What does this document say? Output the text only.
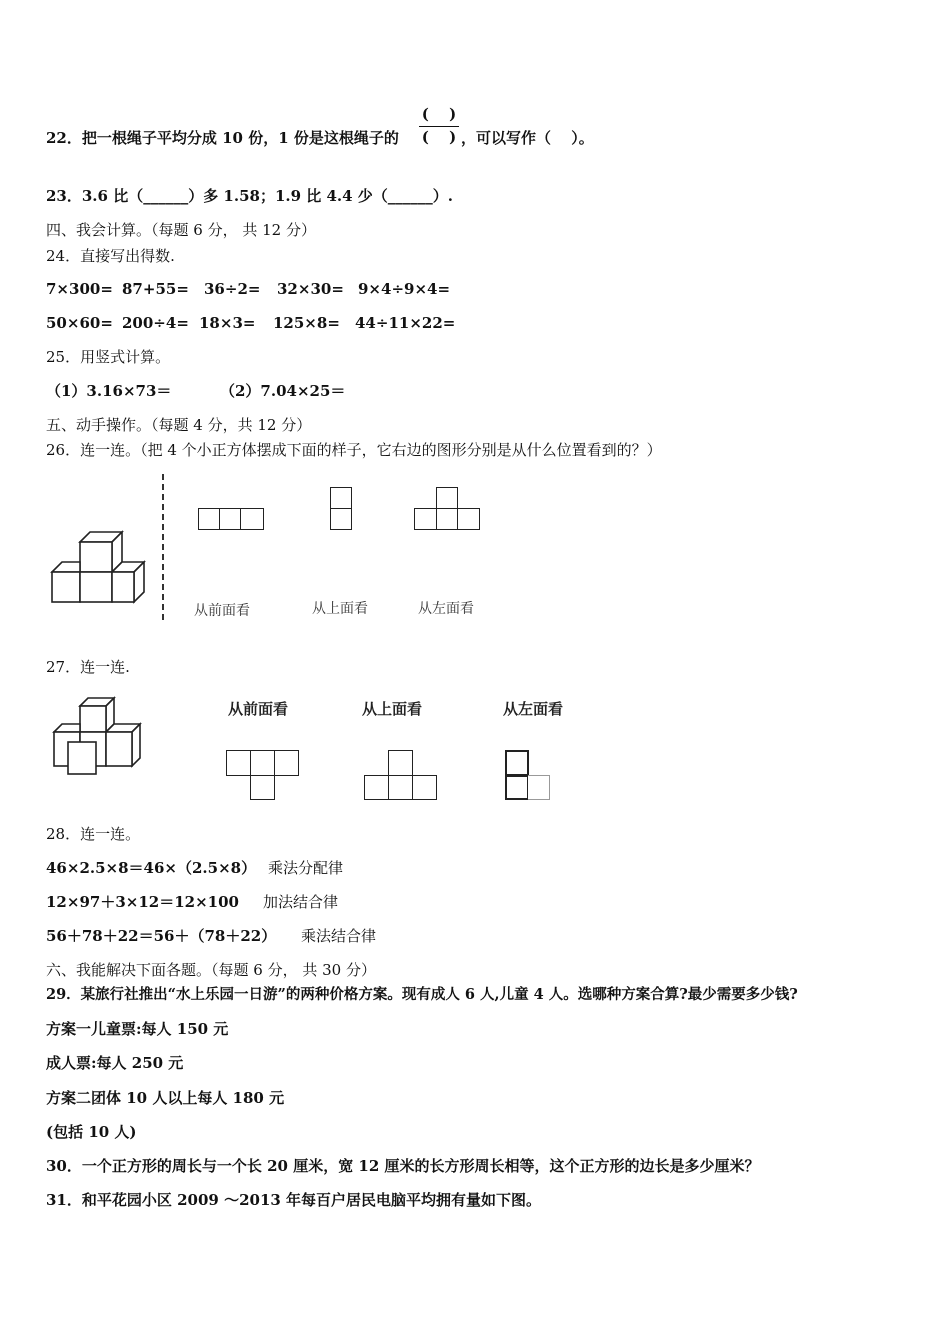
22．把一根绳子平均分成 10 份，1 份是这根绳子的
(　 )
(　 ) ，可以写作（　 ）。
23．3.6 比（______）多 1.58；1.9 比 4.4 少（______）.
四、我会计算。（每题 6 分， 共 12 分）
24．直接写出得数.
7×300= 87+55= 36÷2= 32×30= 9×4÷9×4=
50×60= 200÷4= 18×3= 125×8= 44÷11×22=
25．用竖式计算。
（1）3.16×73＝	（2）7.04×25＝
五、动手操作。（每题 4 分，共 12 分）
26．连一连。（把 4 个小正方体摆成下面的样子，它右边的图形分别是从什么位置看到的？）
从前面看	从上面看	从左面看
27．连一连.
从前面看	从上面看	从左面看
28．连一连。
46×2.5×8＝46×（2.5×8） 乘法分配律
12×97＋3×12＝12×100 加法结合律
56＋78＋22＝56＋（78＋22） 乘法结合律
六、我能解决下面各题。（每题 6 分， 共 30 分）
29．某旅行社推出“水上乐园一日游”的两种价格方案。现有成人 6 人,儿童 4 人。选哪种方案合算?最少需要多少钱?
方案一儿童票:每人 150 元
成人票:每人 250 元
方案二团体 10 人以上每人 180 元
(包括 10 人)
30．一个正方形的周长与一个长 20 厘米，宽 12 厘米的长方形周长相等，这个正方形的边长是多少厘米？
31．和平花园小区 2009 ～2013 年每百户居民电脑平均拥有量如下图。
